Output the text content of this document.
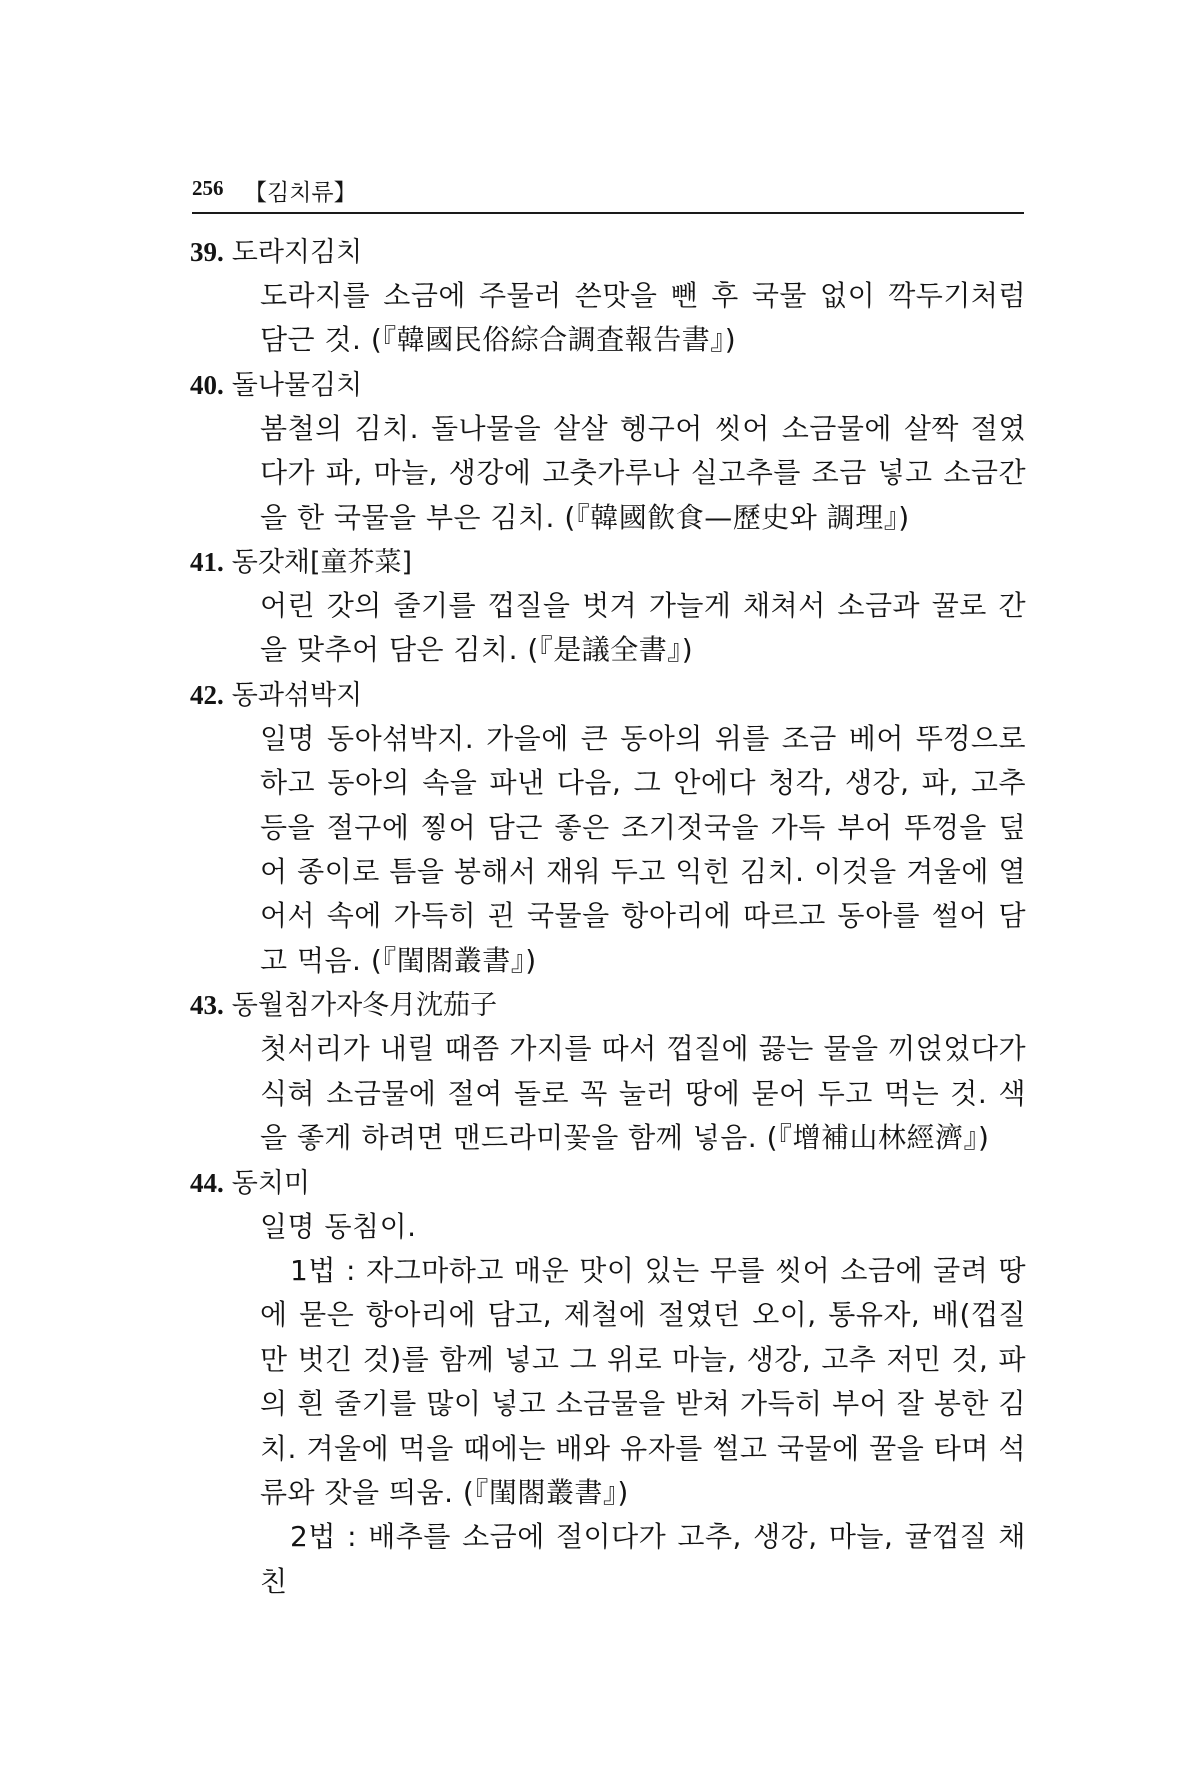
256 【김치류】
39. 도라지김치
도라지를 소금에 주물러 쓴맛을 뺀 후 국물 없이 깍두기처럼 담근 것. (『韓國民俗綜合調査報告書』)
40. 돌나물김치
봄철의 김치. 돌나물을 살살 헹구어 씻어 소금물에 살짝 절였다가 파, 마늘, 생강에 고춧가루나 실고추를 조금 넣고 소금간을 한 국물을 부은 김치. (『韓國飮食—歷史와 調理』)
41. 동갓채[童芥菜]
어린 갓의 줄기를 껍질을 벗겨 가늘게 채쳐서 소금과 꿀로 간을 맞추어 담은 김치. (『是議全書』)
42. 동과섞박지
일명 동아섞박지. 가을에 큰 동아의 위를 조금 베어 뚜껑으로 하고 동아의 속을 파낸 다음, 그 안에다 청각, 생강, 파, 고추 등을 절구에 찧어 담근 좋은 조기젓국을 가득 부어 뚜껑을 덮어 종이로 틈을 봉해서 재워 두고 익힌 김치. 이것을 겨울에 열어서 속에 가득히 괸 국물을 항아리에 따르고 동아를 썰어 담고 먹음. (『閨閤叢書』)
43. 동월침가자冬月沈茄子
첫서리가 내릴 때쯤 가지를 따서 껍질에 끓는 물을 끼얹었다가 식혀 소금물에 절여 돌로 꼭 눌러 땅에 묻어 두고 먹는 것. 색을 좋게 하려면 맨드라미꽃을 함께 넣음. (『增補山林經濟』)
44. 동치미
일명 동침이.
1법 : 자그마하고 매운 맛이 있는 무를 씻어 소금에 굴려 땅에 묻은 항아리에 담고, 제철에 절였던 오이, 통유자, 배(껍질만 벗긴 것)를 함께 넣고 그 위로 마늘, 생강, 고추 저민 것, 파의 흰 줄기를 많이 넣고 소금물을 받쳐 가득히 부어 잘 봉한 김치. 겨울에 먹을 때에는 배와 유자를 썰고 국물에 꿀을 타며 석류와 잣을 띄움. (『閨閤叢書』)
2법 : 배추를 소금에 절이다가 고추, 생강, 마늘, 귤껍질 채친
